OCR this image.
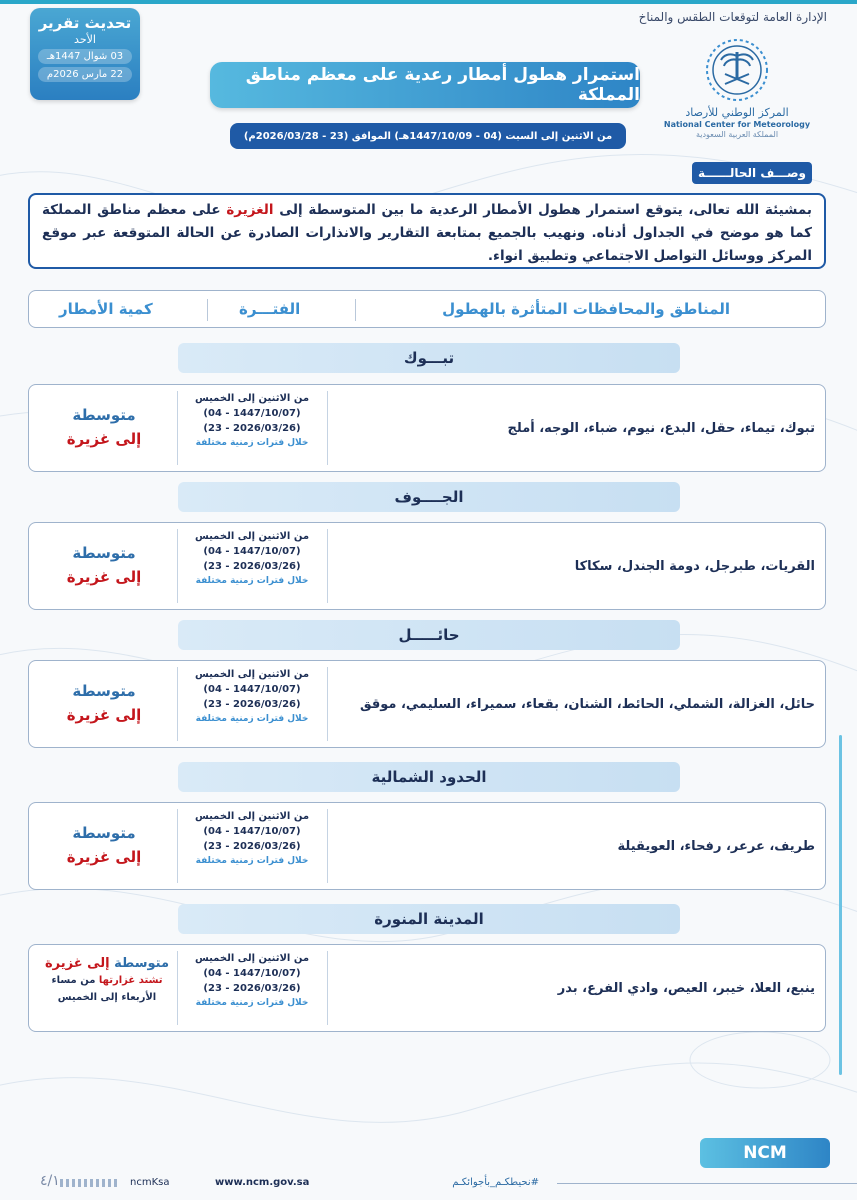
الإدارة العامة لتوقعات الطقس والمناخ
تحديث تقرير
الأحد
03 شوال 1447هـ
22 مارس 2026م
المركز الوطني للأرصاد
National Center for Meteorology
المملكة العربية السعودية
استمرار هطول أمطار رعدية على معظم مناطق المملكة
من الاثنين إلى السبت (04 - 1447/10/09هـ) الموافق (23 - 2026/03/28م)
وصـــف الحالــــــة
بمشيئة الله تعالى، يتوقع استمرار هطول الأمطار الرعدية ما بين المتوسطة إلى الغزيرة على معظم مناطق المملكة كما هو موضح في الجداول أدناه. ونهيب بالجميع بمتابعة التقارير والانذارات الصادرة عن الحالة المتوقعة عبر موقع المركز ووسائل التواصل الاجتماعي وتطبيق انواء.
المناطق والمحافظات المتأثرة بالهطول
الفتـــرة
كمية الأمطار
تبـــوك
تبوك، تيماء، حقل، البدع، نيوم، ضباء، الوجه، أملج
من الاثنين إلى الخميس
(1447/10/07 - 04)
(2026/03/26 - 23)
خلال فترات زمنية مختلفة
متوسطة
إلى غزيرة
الجــــوف
القريات، طبرجل، دومة الجندل، سكاكا
من الاثنين إلى الخميس
(1447/10/07 - 04)
(2026/03/26 - 23)
خلال فترات زمنية مختلفة
متوسطة
إلى غزيرة
حائـــــل
حائل، الغزالة، الشملي، الحائط، الشنان، بقعاء، سميراء، السليمي، موقق
من الاثنين إلى الخميس
(1447/10/07 - 04)
(2026/03/26 - 23)
خلال فترات زمنية مختلفة
متوسطة
إلى غزيرة
الحدود الشمالية
طريف، عرعر، رفحاء، العويقيلة
من الاثنين إلى الخميس
(1447/10/07 - 04)
(2026/03/26 - 23)
خلال فترات زمنية مختلفة
متوسطة
إلى غزيرة
المدينة المنورة
ينبع، العلا، خيبر، العيص، وادي الفرع، بدر
من الاثنين إلى الخميس
(1447/10/07 - 04)
(2026/03/26 - 23)
خلال فترات زمنية مختلفة
متوسطة إلى غزيرة
تشتد غزارتها من مساء
الأربعاء إلى الخميس
NCM
#نحيطكـم_بأجوائكـم
www.ncm.gov.sa
ncmKsa
٤/١
